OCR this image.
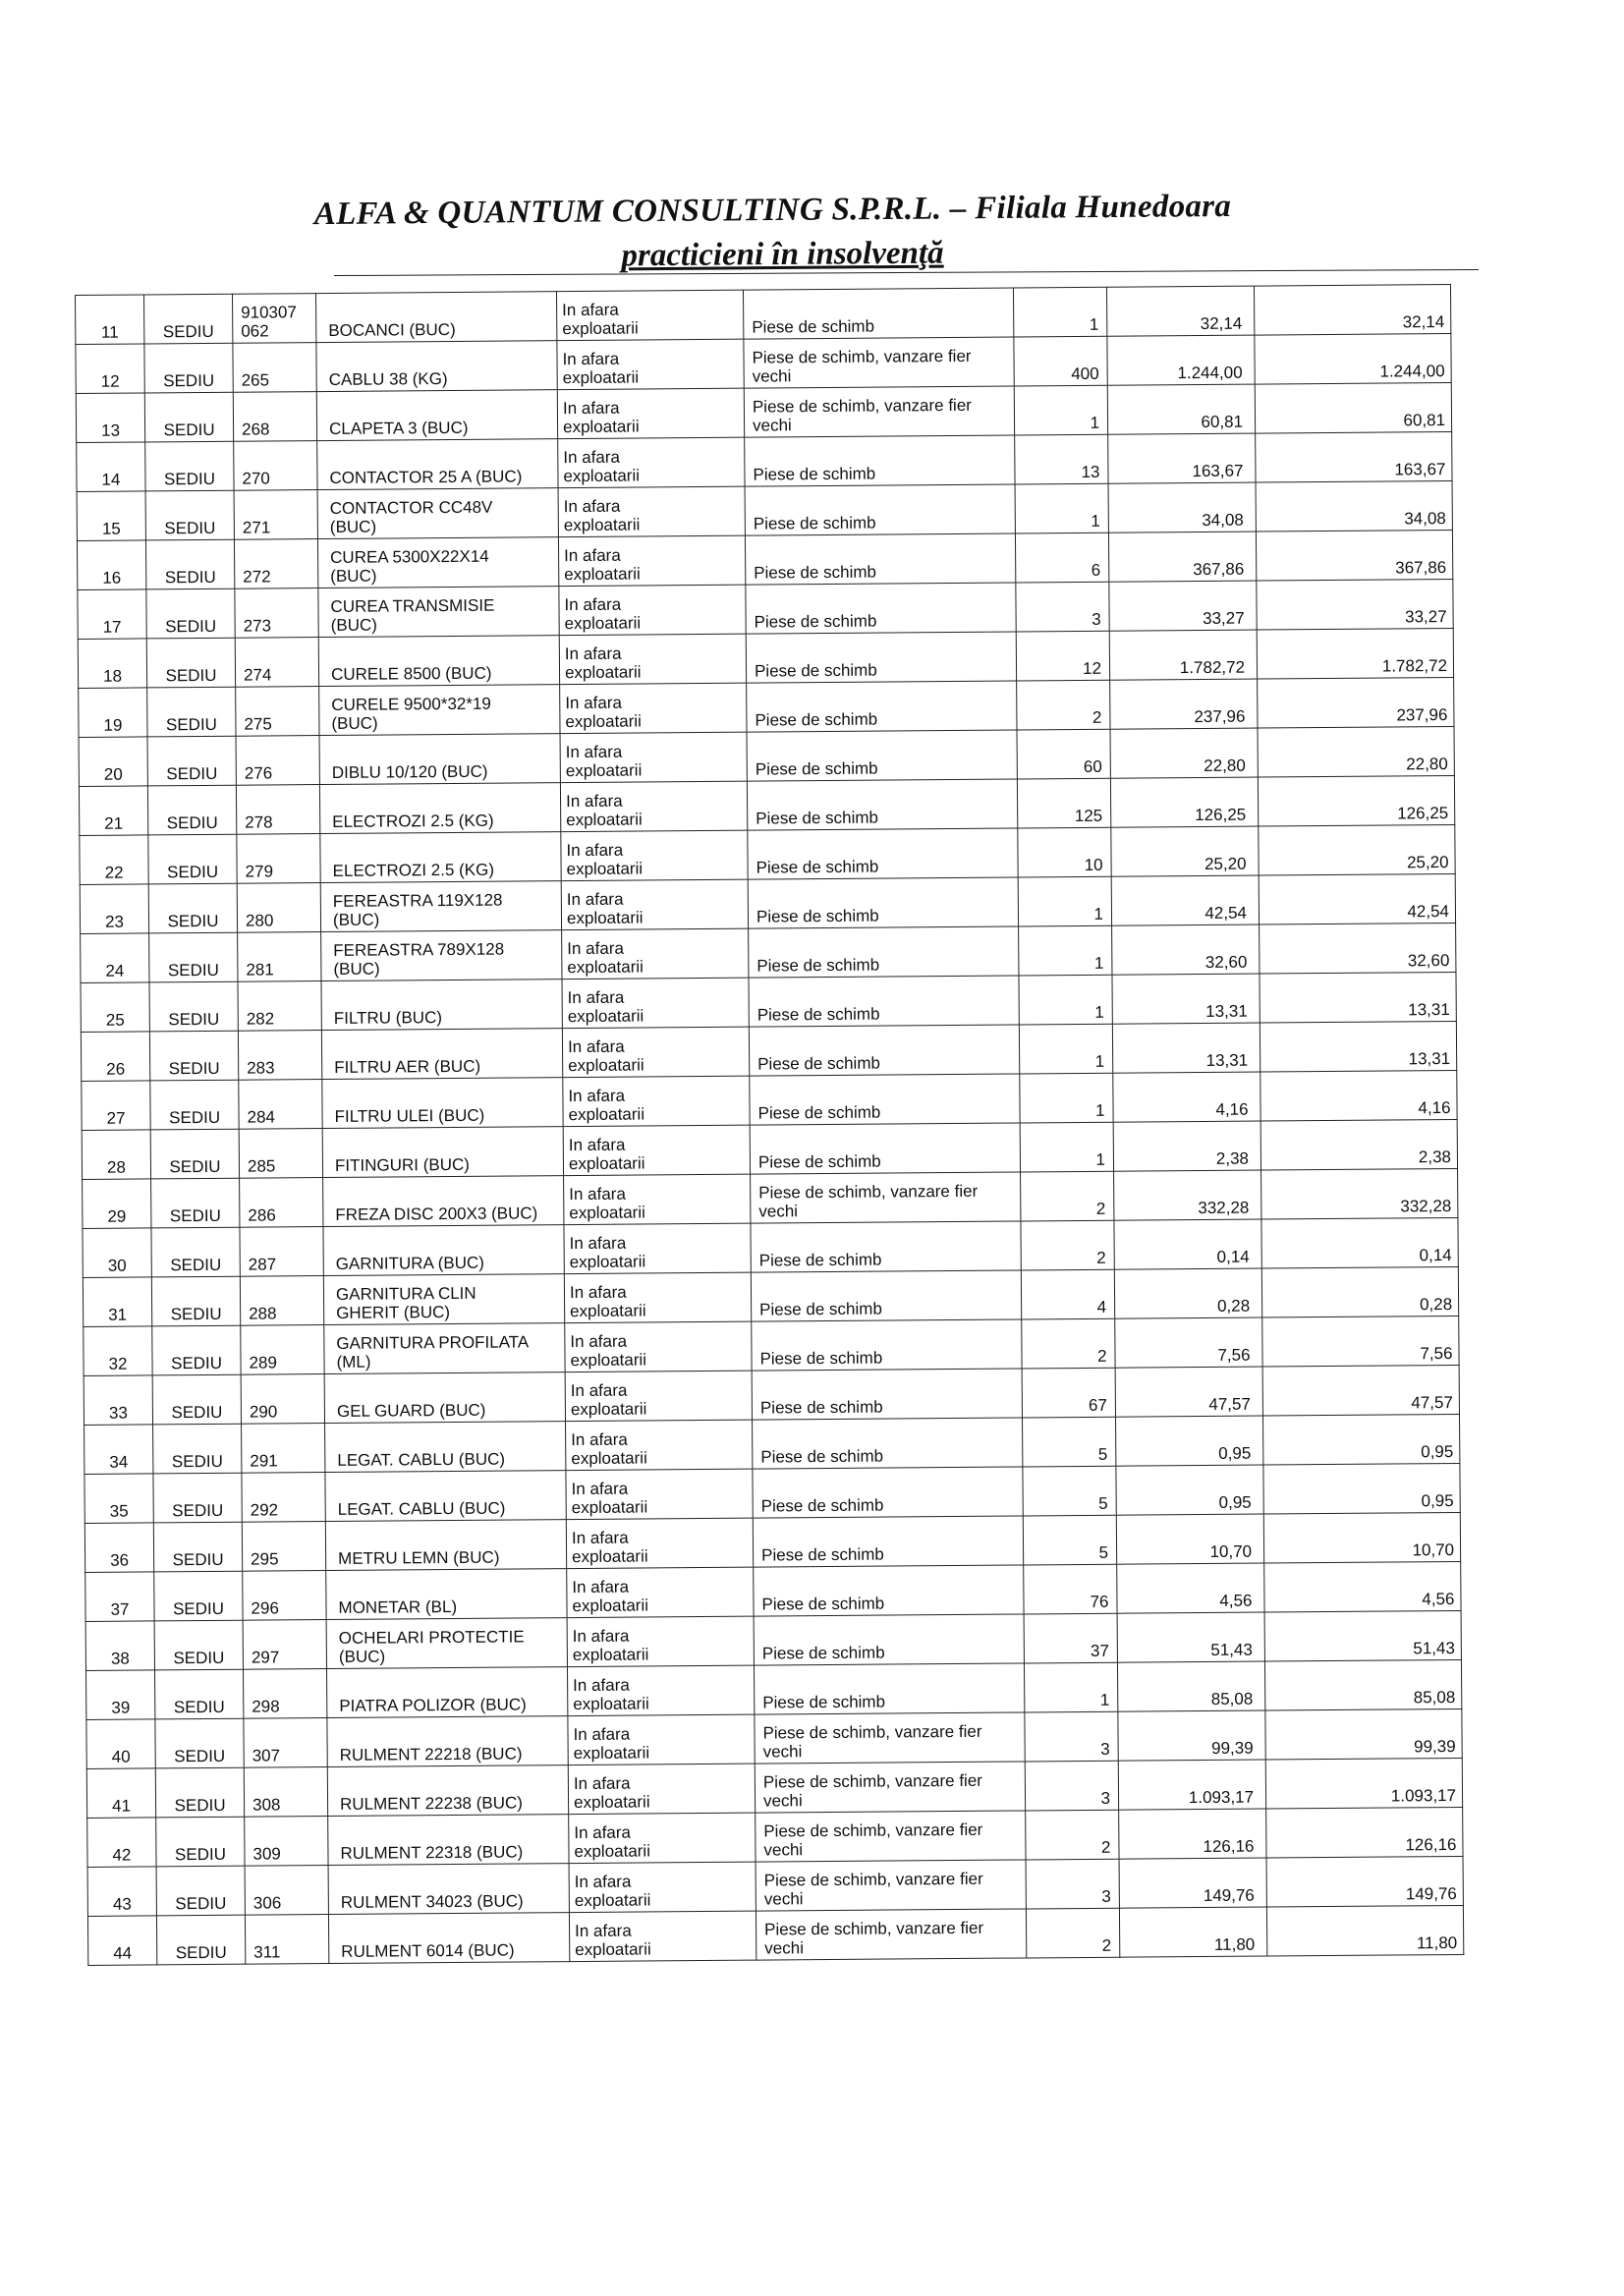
ALFA & QUANTUM CONSULTING S.P.R.L. – Filiala Hunedoara
practicieni în insolvenţă
11	SEDIU	910307
062	BOCANCI (BUC)	In afara
exploatarii	Piese de schimb	1	32,14	32,14
12	SEDIU	265	CABLU 38 (KG)	In afara
exploatarii	Piese de schimb, vanzare fier
vechi	400	1.244,00	1.244,00
13	SEDIU	268	CLAPETA 3 (BUC)	In afara
exploatarii	Piese de schimb, vanzare fier
vechi	1	60,81	60,81
14	SEDIU	270	CONTACTOR 25 A (BUC)	In afara
exploatarii	Piese de schimb	13	163,67	163,67
15	SEDIU	271	CONTACTOR CC48V
(BUC)	In afara
exploatarii	Piese de schimb	1	34,08	34,08
16	SEDIU	272	CUREA 5300X22X14
(BUC)	In afara
exploatarii	Piese de schimb	6	367,86	367,86
17	SEDIU	273	CUREA TRANSMISIE
(BUC)	In afara
exploatarii	Piese de schimb	3	33,27	33,27
18	SEDIU	274	CURELE 8500 (BUC)	In afara
exploatarii	Piese de schimb	12	1.782,72	1.782,72
19	SEDIU	275	CURELE 9500*32*19
(BUC)	In afara
exploatarii	Piese de schimb	2	237,96	237,96
20	SEDIU	276	DIBLU 10/120 (BUC)	In afara
exploatarii	Piese de schimb	60	22,80	22,80
21	SEDIU	278	ELECTROZI 2.5 (KG)	In afara
exploatarii	Piese de schimb	125	126,25	126,25
22	SEDIU	279	ELECTROZI 2.5 (KG)	In afara
exploatarii	Piese de schimb	10	25,20	25,20
23	SEDIU	280	FEREASTRA 119X128
(BUC)	In afara
exploatarii	Piese de schimb	1	42,54	42,54
24	SEDIU	281	FEREASTRA 789X128
(BUC)	In afara
exploatarii	Piese de schimb	1	32,60	32,60
25	SEDIU	282	FILTRU (BUC)	In afara
exploatarii	Piese de schimb	1	13,31	13,31
26	SEDIU	283	FILTRU AER (BUC)	In afara
exploatarii	Piese de schimb	1	13,31	13,31
27	SEDIU	284	FILTRU ULEI (BUC)	In afara
exploatarii	Piese de schimb	1	4,16	4,16
28	SEDIU	285	FITINGURI (BUC)	In afara
exploatarii	Piese de schimb	1	2,38	2,38
29	SEDIU	286	FREZA DISC 200X3 (BUC)	In afara
exploatarii	Piese de schimb, vanzare fier
vechi	2	332,28	332,28
30	SEDIU	287	GARNITURA (BUC)	In afara
exploatarii	Piese de schimb	2	0,14	0,14
31	SEDIU	288	GARNITURA CLIN
GHERIT (BUC)	In afara
exploatarii	Piese de schimb	4	0,28	0,28
32	SEDIU	289	GARNITURA PROFILATA
(ML)	In afara
exploatarii	Piese de schimb	2	7,56	7,56
33	SEDIU	290	GEL GUARD (BUC)	In afara
exploatarii	Piese de schimb	67	47,57	47,57
34	SEDIU	291	LEGAT. CABLU (BUC)	In afara
exploatarii	Piese de schimb	5	0,95	0,95
35	SEDIU	292	LEGAT. CABLU (BUC)	In afara
exploatarii	Piese de schimb	5	0,95	0,95
36	SEDIU	295	METRU LEMN (BUC)	In afara
exploatarii	Piese de schimb	5	10,70	10,70
37	SEDIU	296	MONETAR (BL)	In afara
exploatarii	Piese de schimb	76	4,56	4,56
38	SEDIU	297	OCHELARI PROTECTIE
(BUC)	In afara
exploatarii	Piese de schimb	37	51,43	51,43
39	SEDIU	298	PIATRA POLIZOR (BUC)	In afara
exploatarii	Piese de schimb	1	85,08	85,08
40	SEDIU	307	RULMENT 22218 (BUC)	In afara
exploatarii	Piese de schimb, vanzare fier
vechi	3	99,39	99,39
41	SEDIU	308	RULMENT 22238 (BUC)	In afara
exploatarii	Piese de schimb, vanzare fier
vechi	3	1.093,17	1.093,17
42	SEDIU	309	RULMENT 22318 (BUC)	In afara
exploatarii	Piese de schimb, vanzare fier
vechi	2	126,16	126,16
43	SEDIU	306	RULMENT 34023 (BUC)	In afara
exploatarii	Piese de schimb, vanzare fier
vechi	3	149,76	149,76
44	SEDIU	311	RULMENT 6014 (BUC)	In afara
exploatarii	Piese de schimb, vanzare fier
vechi	2	11,80	11,80
